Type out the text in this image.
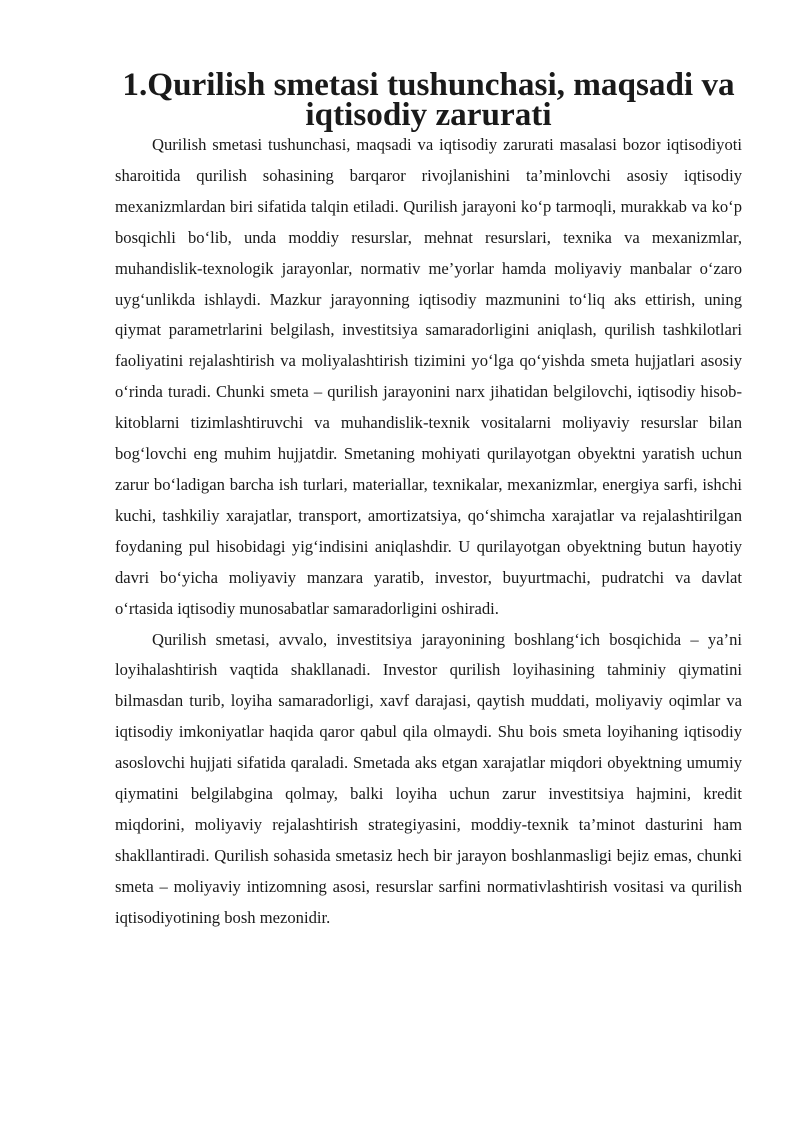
1.Qurilish smetasi tushunchasi, maqsadi va iqtisodiy zarurati

Qurilish smetasi tushunchasi, maqsadi va iqtisodiy zarurati masalasi bozor iqtisodiyoti sharoitida qurilish sohasining barqaror rivojlanishini ta’minlovchi asosiy iqtisodiy mexanizmlardan biri sifatida talqin etiladi. Qurilish jarayoni ko‘p tarmoqli, murakkab va ko‘p bosqichli bo‘lib, unda moddiy resurslar, mehnat resurslari, texnika va mexanizmlar, muhandislik-texnologik jarayonlar, normativ me’yorlar hamda moliyaviy manbalar o‘zaro uyg‘unlikda ishlaydi. Mazkur jarayonning iqtisodiy mazmunini to‘liq aks ettirish, uning qiymat parametrlarini belgilash, investitsiya samaradorligini aniqlash, qurilish tashkilotlari faoliyatini rejalashtirish va moliyalashtirish tizimini yo‘lga qo‘yishda smeta hujjatlari asosiy o‘rinda turadi. Chunki smeta – qurilish jarayonini narx jihatidan belgilovchi, iqtisodiy hisob-kitoblarni tizimlashtiruvchi va muhandislik-texnik vositalarni moliyaviy resurslar bilan bog‘lovchi eng muhim hujjatdir. Smetaning mohiyati qurilayotgan obyektni yaratish uchun zarur bo‘ladigan barcha ish turlari, materiallar, texnikalar, mexanizmlar, energiya sarfi, ishchi kuchi, tashkiliy xarajatlar, transport, amortizatsiya, qo‘shimcha xarajatlar va rejalashtirilgan foydaning pul hisobidagi yig‘indisini aniqlashdir. U qurilayotgan obyektning butun hayotiy davri bo‘yicha moliyaviy manzara yaratib, investor, buyurtmachi, pudratchi va davlat o‘rtasida iqtisodiy munosabatlar samaradorligini oshiradi.

Qurilish smetasi, avvalo, investitsiya jarayonining boshlang‘ich bosqichida – ya’ni loyihalashtirish vaqtida shakllanadi. Investor qurilish loyihasining tahminiy qiymatini bilmasdan turib, loyiha samaradorligi, xavf darajasi, qaytish muddati, moliyaviy oqimlar va iqtisodiy imkoniyatlar haqida qaror qabul qila olmaydi. Shu bois smeta loyihaning iqtisodiy asoslovchi hujjati sifatida qaraladi. Smetada aks etgan xarajatlar miqdori obyektning umumiy qiymatini belgilabgina qolmay, balki loyiha uchun zarur investitsiya hajmini, kredit miqdorini, moliyaviy rejalashtirish strategiyasini, moddiy-texnik ta’minot dasturini ham shakllantiradi. Qurilish sohasida smetasiz hech bir jarayon boshlanmasligi bejiz emas, chunki smeta – moliyaviy intizomning asosi, resurslar sarfini normativlashtirish vositasi va qurilish iqtisodiyotining bosh mezonidir.
